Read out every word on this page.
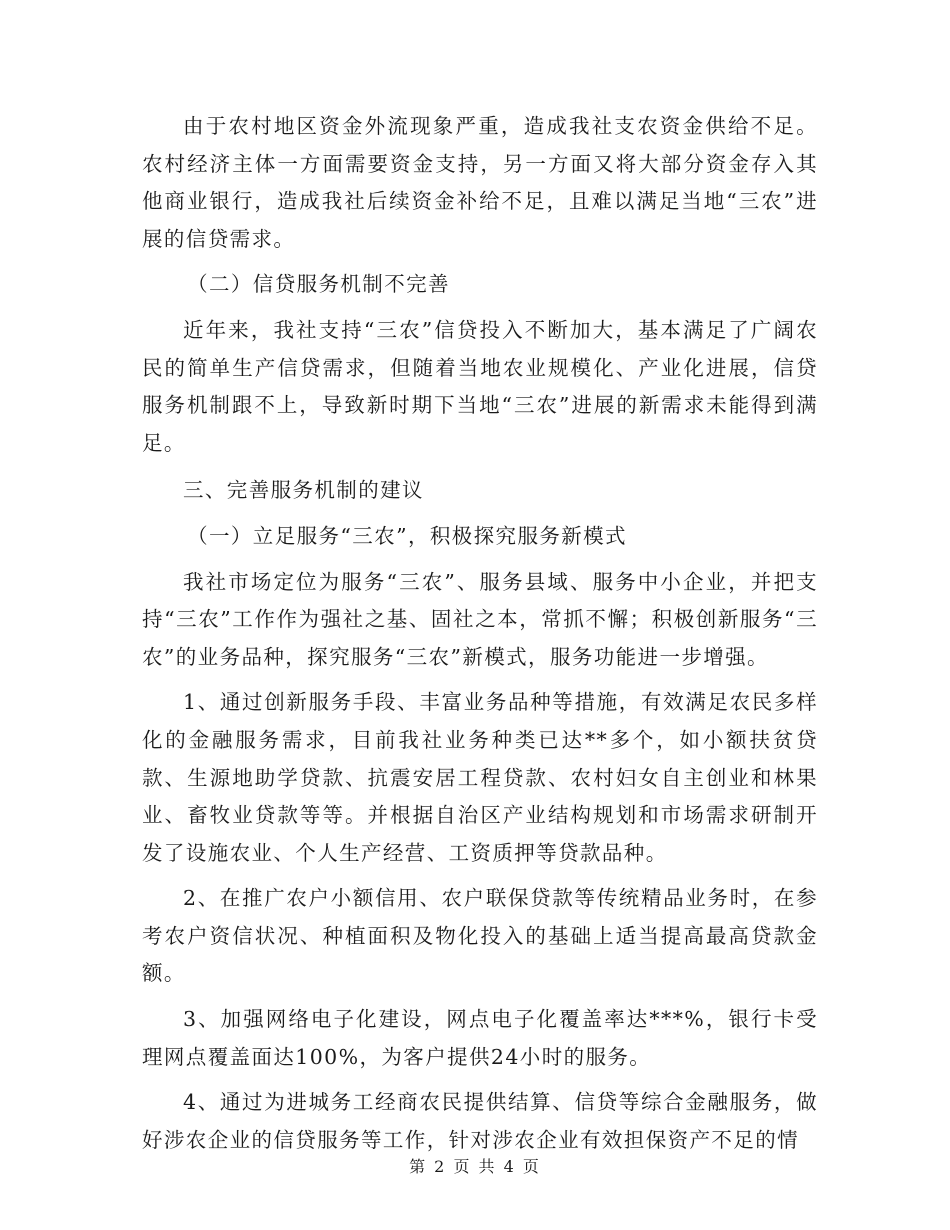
由于农村地区资金外流现象严重，造成我社支农资金供给不足。农村经济主体一方面需要资金支持，另一方面又将大部分资金存入其他商业银行，造成我社后续资金补给不足，且难以满足当地“三农”进展的信贷需求。

（二）信贷服务机制不完善

近年来，我社支持“三农”信贷投入不断加大，基本满足了广阔农民的简单生产信贷需求，但随着当地农业规模化、产业化进展，信贷服务机制跟不上，导致新时期下当地“三农”进展的新需求未能得到满足。

三、完善服务机制的建议

（一）立足服务“三农”，积极探究服务新模式

我社市场定位为服务“三农”、服务县域、服务中小企业，并把支持“三农”工作作为强社之基、固社之本，常抓不懈；积极创新服务“三农”的业务品种，探究服务“三农”新模式，服务功能进一步增强。

1、通过创新服务手段、丰富业务品种等措施，有效满足农民多样化的金融服务需求，目前我社业务种类已达**多个，如小额扶贫贷款、生源地助学贷款、抗震安居工程贷款、农村妇女自主创业和林果业、畜牧业贷款等等。并根据自治区产业结构规划和市场需求研制开发了设施农业、个人生产经营、工资质押等贷款品种。

2、在推广农户小额信用、农户联保贷款等传统精品业务时，在参考农户资信状况、种植面积及物化投入的基础上适当提高最高贷款金额。

3、加强网络电子化建设，网点电子化覆盖率达***%，银行卡受理网点覆盖面达100%，为客户提供24小时的服务。

4、通过为进城务工经商农民提供结算、信贷等综合金融服务，做好涉农企业的信贷服务等工作，针对涉农企业有效担保资产不足的情

第 2 页 共 4 页
